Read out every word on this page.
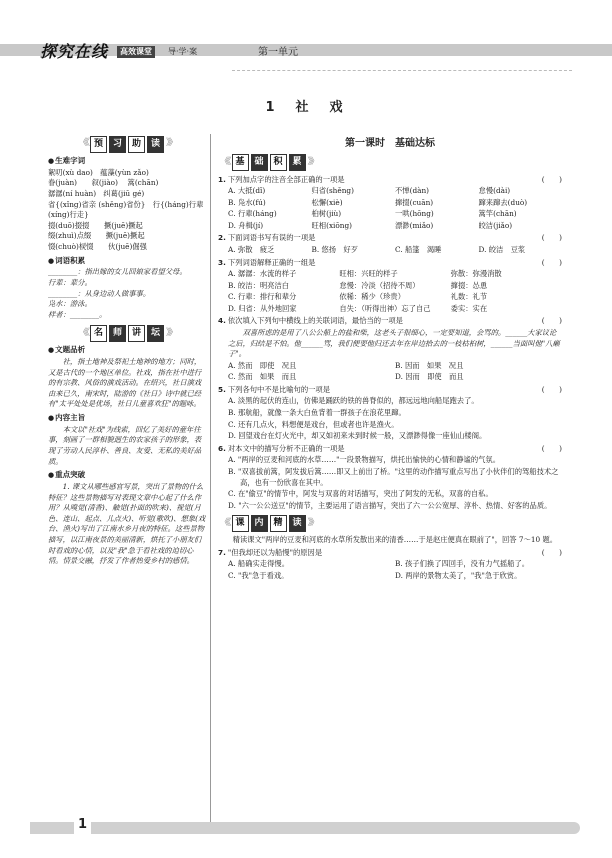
探究在线	高效课堂	导·学·案	第一单元
1　社　戏
《《 预	习	助	读 》》
●生难字词
絮叨(xù dao)　蕴藻(yùn zǎo)
眷(juàn)　　叙(jiào)　 篙(chān)
潺潺(ní huàn)　纠葛(jiū gé)
省{(xǐng)省亲 (shěng)省份}　行{(háng)行辈 (xíng)行走}
掇(duō)掇掇　　撅(juē)撅起
缀(zhuì)点缀　　撅(juē)撅起
惙(chuò)棂惙　　伙(juē)倔强
●词语积累
________：指出嫁的女儿回娘家看望父母。
行辈：辈分。
________：从身边动人做事事。
凫水：游泳。
样者：________。
《《 名	师	讲	坛 》》
●文题品析

社，指土地神及祭祀土地神的地方；同时，又是古代的一个地区单位。社戏，指在社中进行的有宗教、风俗的演戏活动。在绍兴，社日演戏由来已久，南宋时，陆游的《社日》诗中就已经有"太平处处是优场，社日儿童喜欢狂"的题咏。

●内容主旨

本文以"社戏"为线索，回忆了美好的童年往事，刻画了一群相貌迥生的农家孩子的形象，表现了劳动人民淳朴、善良、友爱、无私的美好品质。

●重点突破

1. 课文从哪些感官写景，突出了景物的什么特征？这些景物描写对表现文章中心起了什么作用？从嗅觉(清香)、触觉(扑面的吹来)、视觉(月色、连山、起点、儿点火)、听觉(歌吹)、想象(戏台、渔火)写出了江南水乡月夜的特征。这些景物描写，以江南夜景的美丽清新，烘托了小朋友们时看戏的心情，以及"我"急于看社戏的迫切心情。情景交融，抒发了作者热爱乡村的感情。

第一课时　基础达标
《《 基	础	积	累 》》
1. 下列加点字的注音全部正确的一项是	(　　)
A. 大抵(dǐ)	归省(shěng)	不惮(dàn)	怠慢(dài)
B. 凫水(fú)	松懈(xiè)	撺掇(cuān)	蹿来蹿去(duò)
C. 行辈(háng)	桕树(jiù)	一哄(hōng)	篙竿(chān)
D. 舟楫(jí)	旺相(xiōng)	漂渺(miǎo)	皎洁(jiǎo)
2. 下面词语书写有误的一项是	(　　)
A. 弥散　疲乏	B. 悠扬　好歹	C. 船篷　渴睡	D. 皎洁　豆浆
3. 下列词语解释正确的一组是	(　　)
A. 潺潺：水流的样子	旺相：兴旺的样子	弥散：弥漫消散
B. 皎洁：明亮洁白	怠慢：冷淡（招待不周）	撺掇：怂恿
C. 行辈：排行和辈分	依稀：稀少（珍贵）	礼数：礼节
D. 归省：从外地回家	自失：（听得出神）忘了自己	委实：实在
4. 依次填入下列句中横线上的关联词语，最恰当的一项是	(　　)

双喜所虑的是用了八公公船上的盐和柴，这老头子很细心，一定要知道，会骂的。______大家议论之后，归结是不怕。他______骂，我们便要他归还去年在岸边拾去的一枝枯桕树，______当面叫他"八癞子"。

A. 然而　即使　况且	B. 因而　如果　况且
C. 然而　如果　而且	D. 因而　即使　而且
5. 下列各句中不是比喻句的一项是	(　　)
A. 淡黑的起伏的连山，仿佛是踊跃的铁的兽脊似的，都远远地向船尾跑去了。
B. 那航船，就像一条大白鱼背着一群孩子在浪花里蹿。
C. 还有几点火，料想便是戏台，但或者也许是渔火。
D. 回望戏台在灯火光中，却又如初来未到时候一般，又漂渺得像一座仙山楼阁。
6. 对本文中的描写分析不正确的一项是	(　　)
A. "两岸的豆麦和河底的水草……"一段景物描写，烘托出愉快的心情和静谧的气氛。
B. "双喜拔前篙，阿发拔后篙……即又上前出了桥。"这里的动作描写重点写出了小伙伴们的驾船技术之高，也有一份欣喜在其中。
C. 在"偷豆"的情节中，阿发与双喜的对话描写，突出了阿发的无私，双喜的自私。
D. "六一公公送豆"的情节，主要运用了语言描写，突出了六一公公宽厚、淳朴、热情、好客的品质。
《《 课	内	精	读 》》

精读课文"两岸的豆麦和河底的水草所发散出来的清香……于是赵庄便真在眼前了"，回答 7～10 题。

7. "但我却还以为船慢"的原因是	(　　)
A. 船确实走得慢。	B. 孩子们换了四回手，没有力气摇船了。
C. "我"急于看戏。	D. 两岸的景物太美了，"我"急于欣赏。
1
